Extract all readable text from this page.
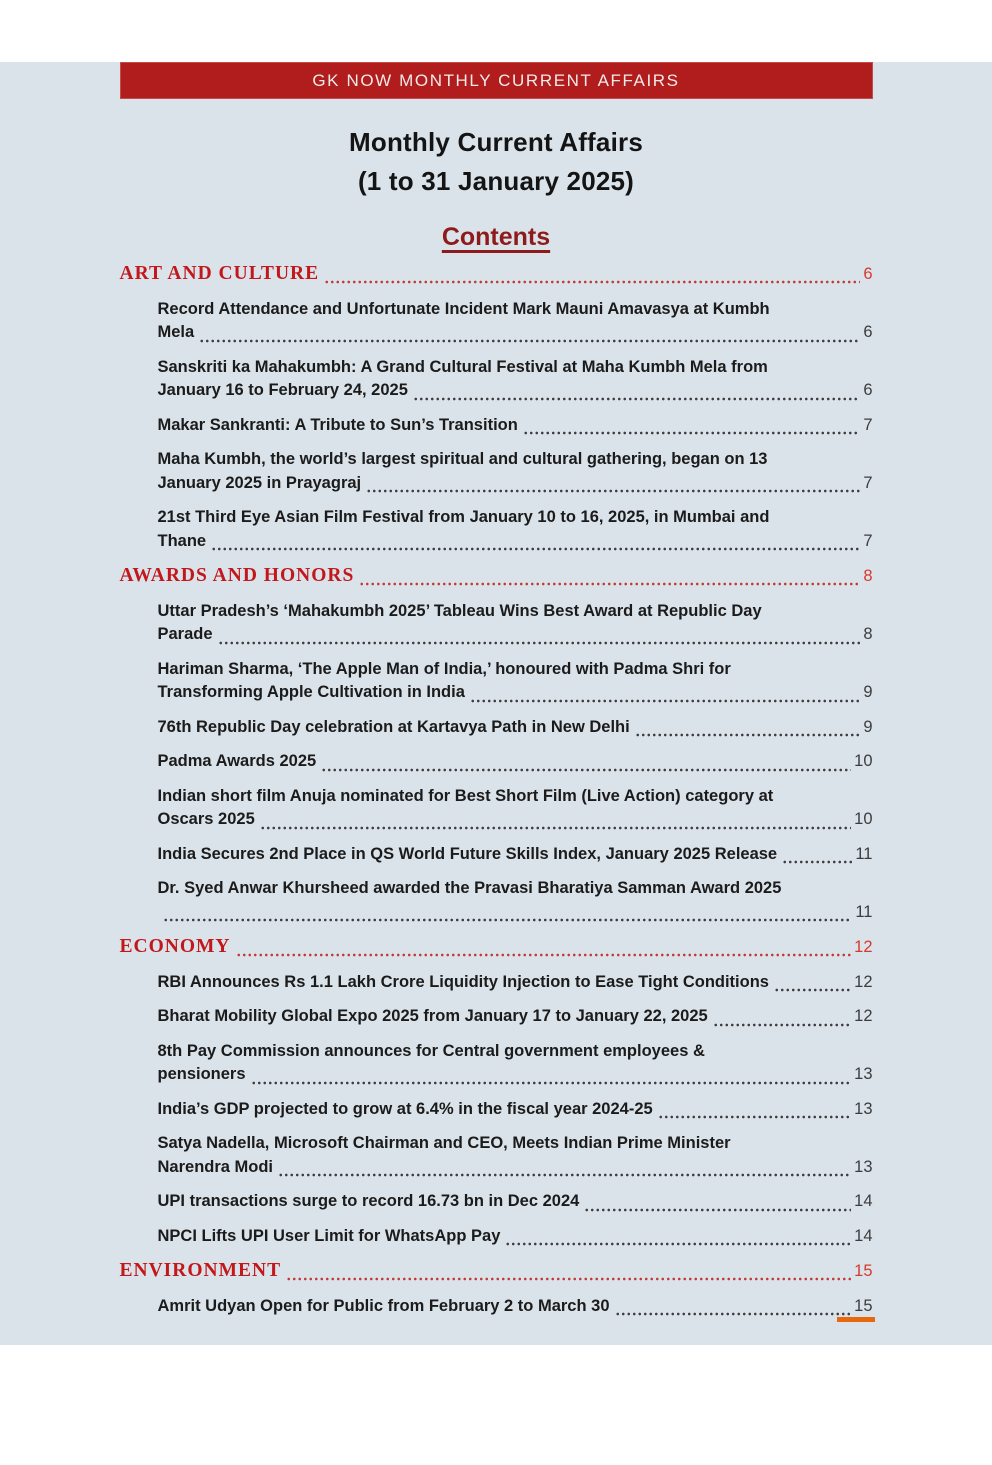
GK NOW MONTHLY CURRENT AFFAIRS
Monthly Current Affairs
(1 to 31 January 2025)
Contents
ART AND CULTURE	6
Record Attendance and Unfortunate Incident Mark Mauni Amavasya at Kumbh
Mela	6
Sanskriti ka Mahakumbh: A Grand Cultural Festival at Maha Kumbh Mela from
January 16 to February 24, 2025	6
Makar Sankranti: A Tribute to Sun’s Transition	7
Maha Kumbh, the world’s largest spiritual and cultural gathering, began on 13
January 2025 in Prayagraj	7
21st Third Eye Asian Film Festival from January 10 to 16, 2025, in Mumbai and
Thane	7
AWARDS AND HONORS	8
Uttar Pradesh’s ‘Mahakumbh 2025’ Tableau Wins Best Award at Republic Day
Parade	8
Hariman Sharma, ‘The Apple Man of India,’ honoured with Padma Shri for
Transforming Apple Cultivation in India	9
76th Republic Day celebration at Kartavya Path in New Delhi	9
Padma Awards 2025	10
Indian short film Anuja nominated for Best Short Film (Live Action) category at
Oscars 2025	10
India Secures 2nd Place in QS World Future Skills Index, January 2025 Release	11
Dr. Syed Anwar Khursheed awarded the Pravasi Bharatiya Samman Award 2025
11
ECONOMY	12
RBI Announces Rs 1.1 Lakh Crore Liquidity Injection to Ease Tight Conditions	12
Bharat Mobility Global Expo 2025 from January 17 to January 22, 2025	12
8th Pay Commission announces for Central government employees &
pensioners	13
India’s GDP projected to grow at 6.4% in the fiscal year 2024-25	13
Satya Nadella, Microsoft Chairman and CEO, Meets Indian Prime Minister
Narendra Modi	13
UPI transactions surge to record 16.73 bn in Dec 2024	14
NPCI Lifts UPI User Limit for WhatsApp Pay	14
ENVIRONMENT	15
Amrit Udyan Open for Public from February 2 to March 30	15
